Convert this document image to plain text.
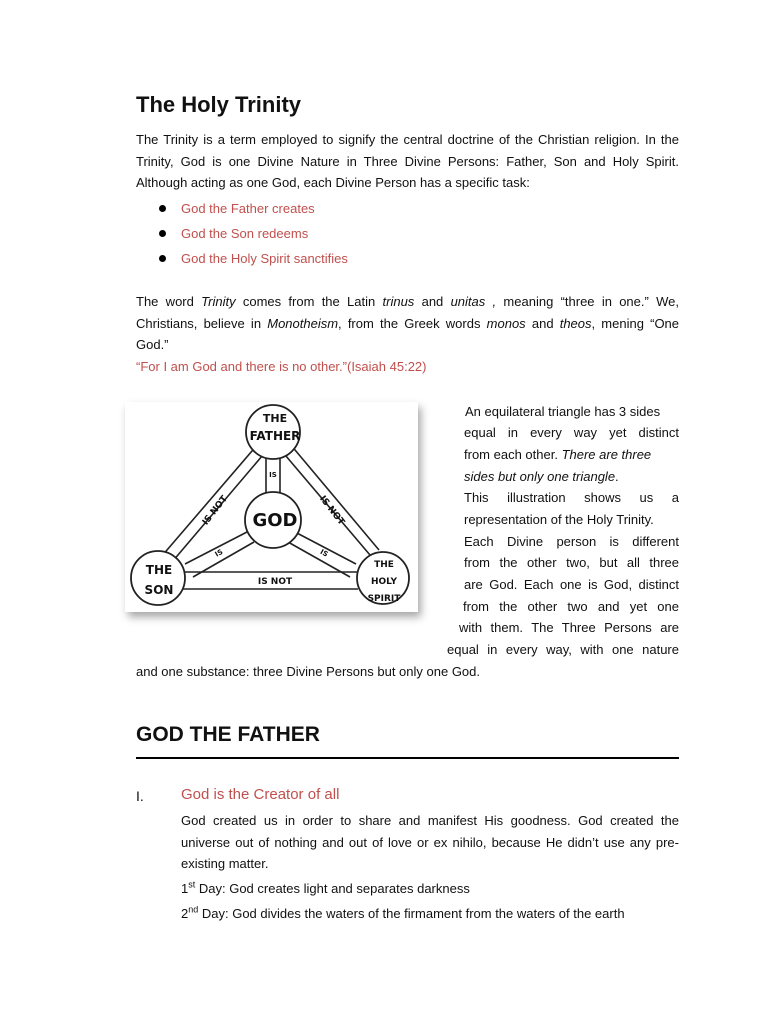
The Holy Trinity

The Trinity is a term employed to signify the central doctrine of the Christian religion. In the Trinity, God is one Divine Nature in Three Divine Persons: Father, Son and Holy Spirit. Although acting as one God, each Divine Person has a specific task:

God the Father creates
God the Son redeems
God the Holy Spirit sanctifies

The word Trinity comes from the Latin trinus and unitas , meaning “three in one.” We, Christians, believe in Monotheism, from the Greek words monos and theos, mening “One God.”

“For I am God and there is no other.”(Isaiah 45:22)

THE
FATHER
GOD
THE
SON
THE
HOLY
SPIRIT
IS
IS	IS
IS NOT	IS NOT
IS NOT
An equilateral triangle has 3 sides
equal in every way yet distinct
from each other. There are three
sides but only one triangle.
This illustration shows us a
representation of the Holy Trinity.
Each Divine person is different
from the other two, but all three
are God. Each one is God, distinct
from the other two and yet one
with them. The Three Persons are
equal in every way, with one nature
and one substance: three Divine Persons but only one God.
GOD THE FATHER
I. God is the Creator of all
God created us in order to share and manifest His goodness. God created the universe out of nothing and out of love or ex nihilo, because He didn’t use any pre-existing matter.
1st Day: God creates light and separates darkness
2nd Day: God divides the waters of the firmament from the waters of the earth
